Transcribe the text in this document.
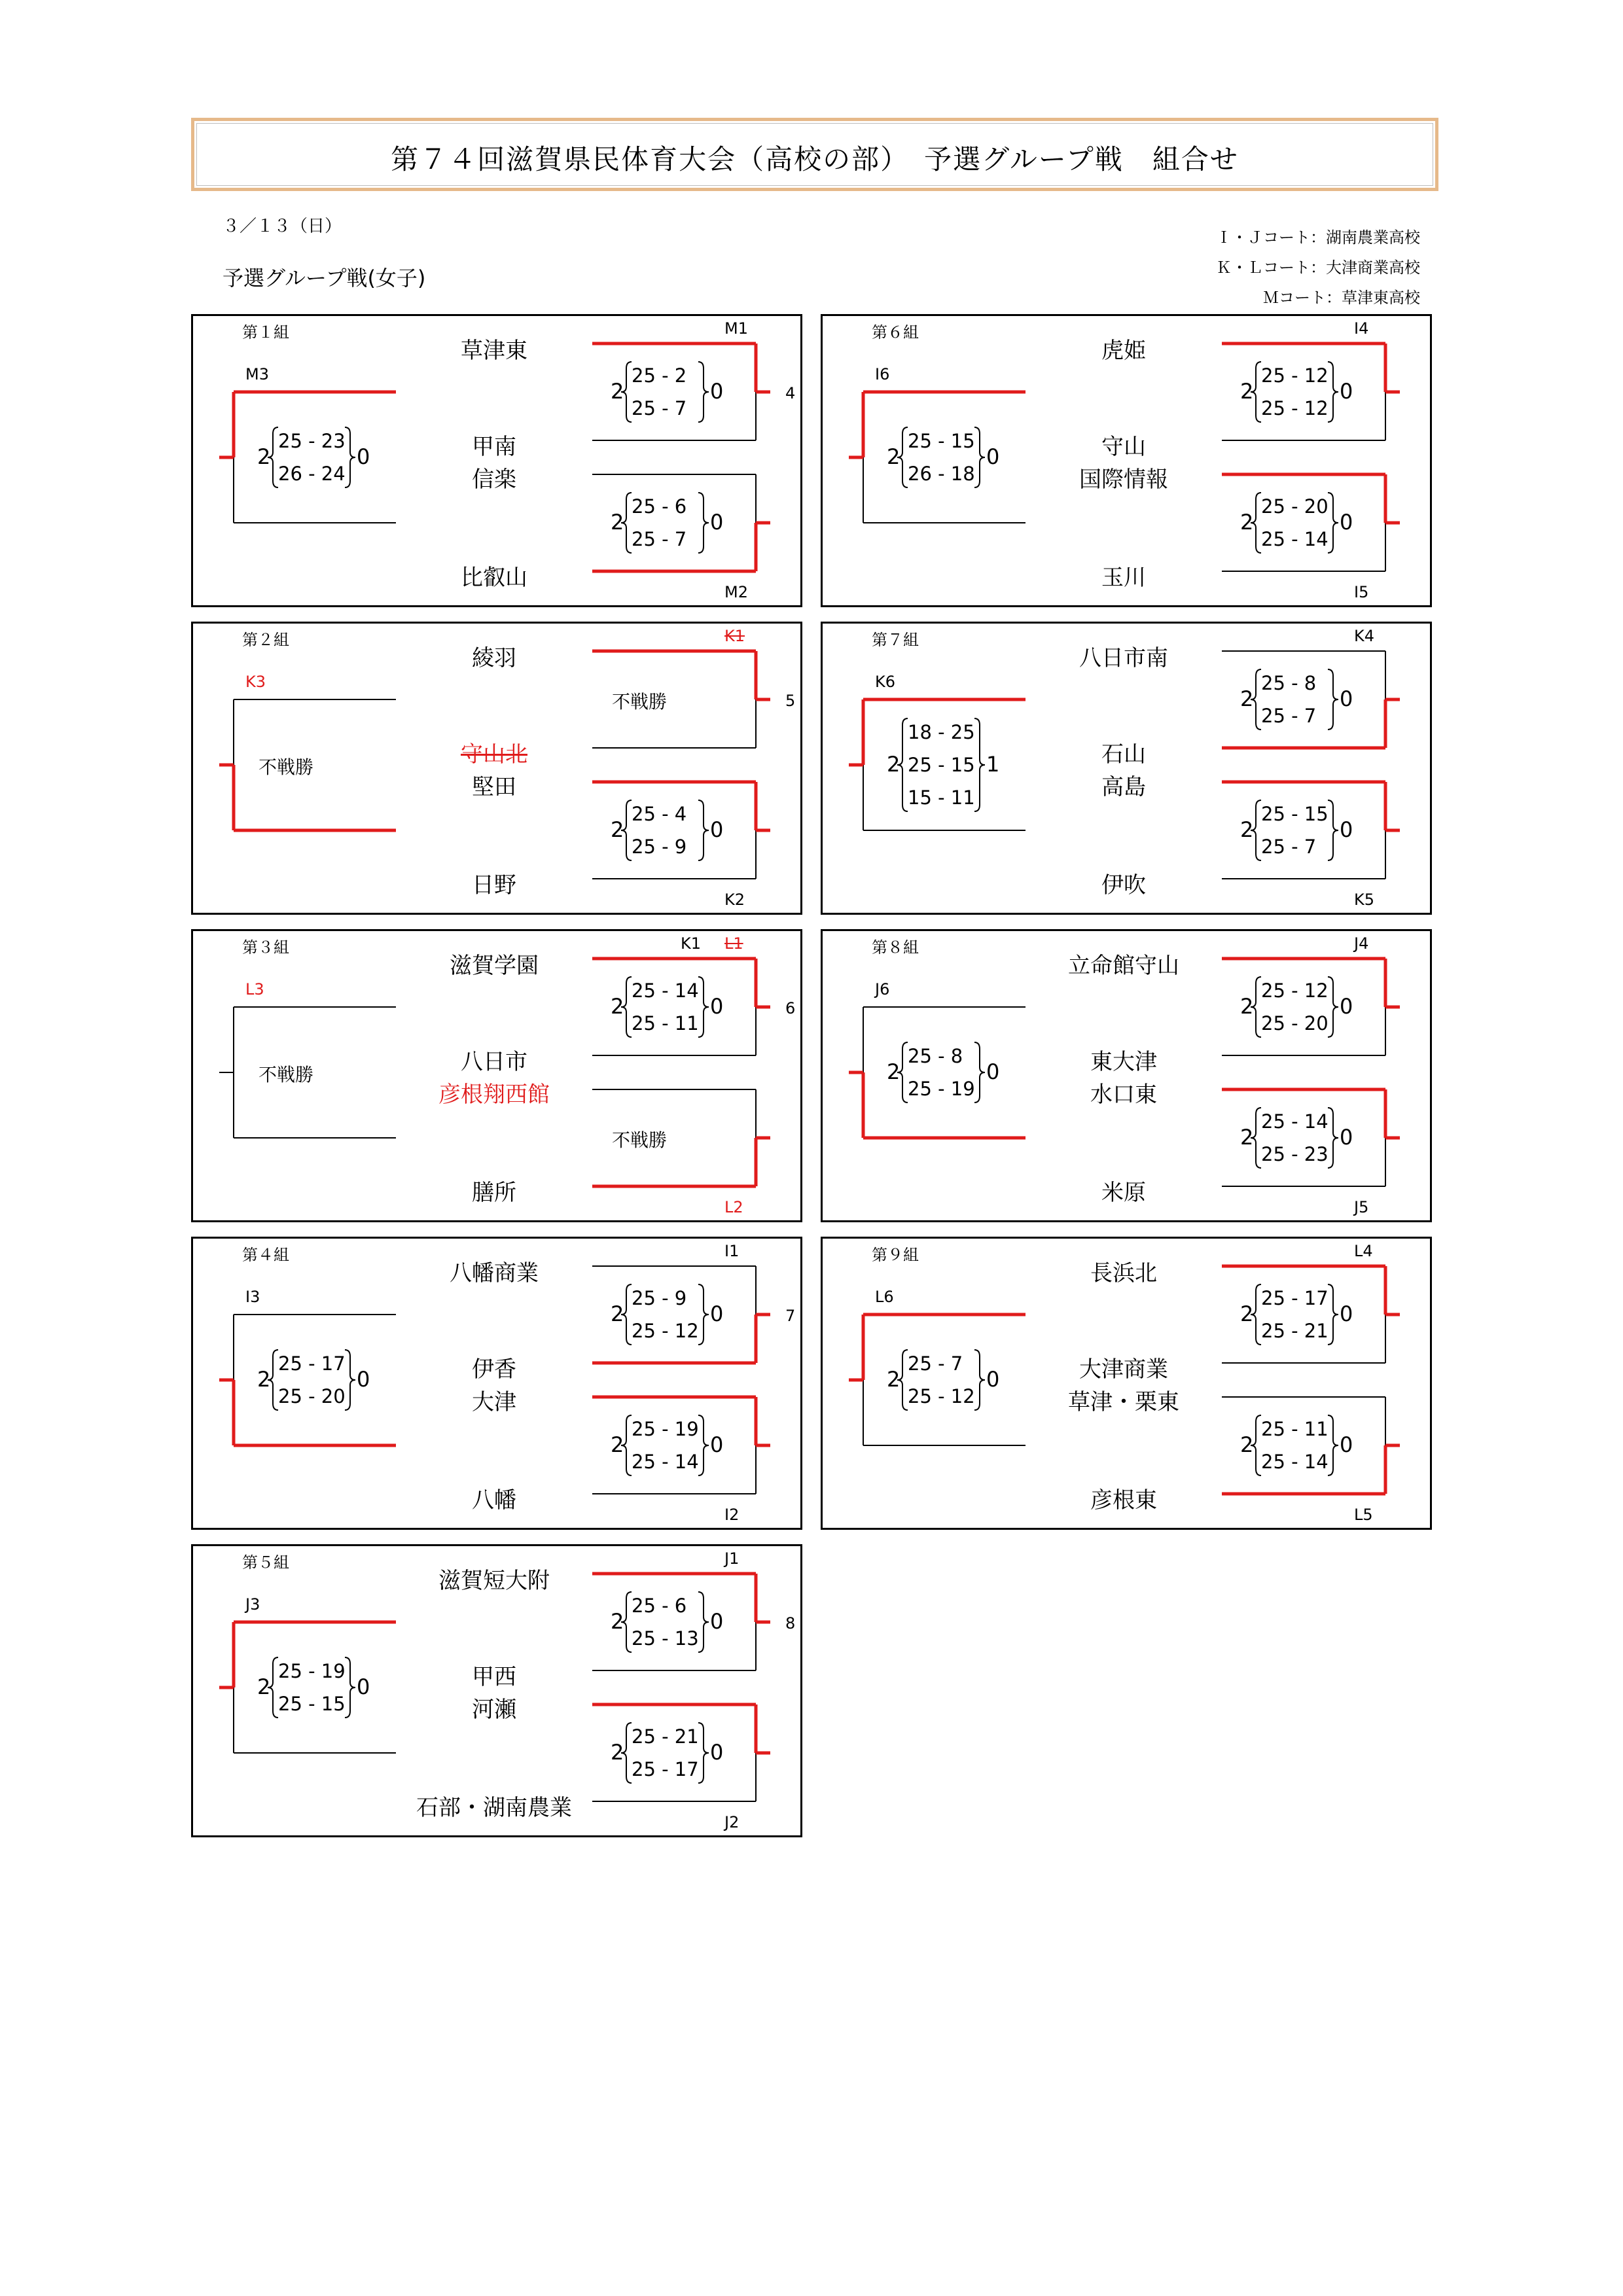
第７４回滋賀県民体育大会（高校の部）　予選グループ戦　組合せ
３／１３（日）
Ｉ・Ｊコート：湖南農業高校
Ｋ・Ｌコート：大津商業高校
Ｍコート：草津東高校
予選グループ戦(女子)
第１組
草津東
甲南
信楽
比叡山
2	0
25 - 2
25 - 7
2	0
25 - 6
25 - 7
2	0
25 - 23
26 - 24
M3
M1
M2
4
第２組
綾羽
守山北
堅田
日野
不戦勝
2	0
25 - 4
25 - 9
不戦勝
K3
K1
K2
5
第３組
滋賀学園
八日市
彦根翔西館
膳所
2	0
25 - 14
25 - 11
不戦勝
不戦勝
L3
K1 L1
L2
6
第４組
八幡商業
伊香
大津
八幡
2	0
25 - 9
25 - 12
2	0
25 - 19
25 - 14
2	0
25 - 17
25 - 20
I3
I1
I2
7
第５組
滋賀短大附
甲西
河瀬
石部・湖南農業
2	0
25 - 6
25 - 13
2	0
25 - 21
25 - 17
2	0
25 - 19
25 - 15
J3
J1
J2
8
第６組
虎姫
守山
国際情報
玉川
2	0
25 - 12
25 - 12
2	0
25 - 20
25 - 14
2	0
25 - 15
26 - 18
I6
I4
I5
第７組
八日市南
石山
高島
伊吹
2	0
25 - 8
25 - 7
2	0
25 - 15
25 - 7
2	1
18 - 25
25 - 15
15 - 11
K6
K4
K5
第８組
立命館守山
東大津
水口東
米原
2	0
25 - 12
25 - 20
2	0
25 - 14
25 - 23
2	0
25 - 8
25 - 19
J6
J4
J5
第９組
長浜北
大津商業
草津・栗東
彦根東
2	0
25 - 17
25 - 21
2	0
25 - 11
25 - 14
2	0
25 - 7
25 - 12
L6
L4
L5
